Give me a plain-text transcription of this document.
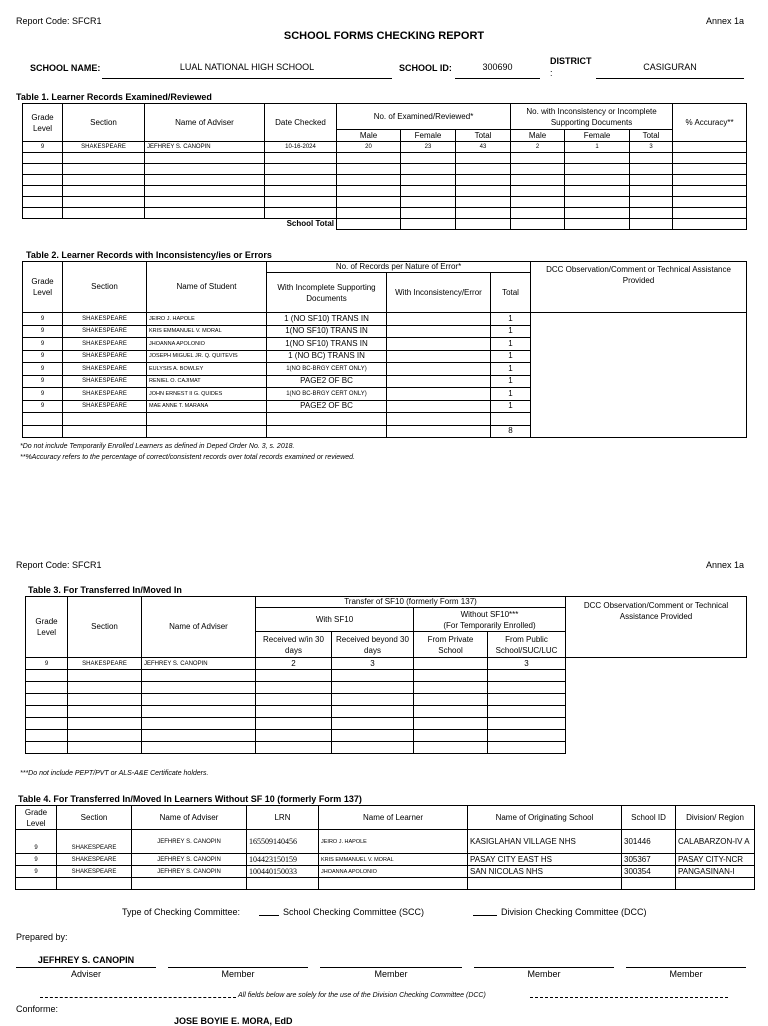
Report Code: SFCR1	Annex 1a
SCHOOL FORMS CHECKING REPORT
SCHOOL NAME:	LUAL NATIONAL HIGH SCHOOL	SCHOOL ID:	300690
DISTRICT
:
CASIGURAN
Table 1. Learner Records Examined/Reviewed
Grade Level	Section	Name of Adviser	Date Checked	No. of Examined/Reviewed*			No. with Inconsistency or Incomplete Supporting Documents			% Accuracy**
				Male	Female	Total	Male	Female	Total	
9	SHAKESPEARE	JEFHREY S. CANOPIN	10-16-2024	20	23	43	2	1	3	

		School Total								
Table 2. Learner Records with Inconsistency/ies or Errors
Grade Level	Section	Name of Student	No. of Records per Nature of Error*			DCC Observation/Comment or Technical Assistance Provided
			With Incomplete Supporting Documents	With Inconsistency/Error	Total	
9	SHAKESPEARE	JEIRO J. HAPOLE	1 (NO SF10) TRANS IN		1	
9	SHAKESPEARE	KRIS EMMANUEL V. MORAL	1(NO SF10) TRANS IN		1	
9	SHAKESPEARE	JHOANNA APOLONIO	1(NO SF10) TRANS IN		1	
9	SHAKESPEARE	JOSEPH MIGUEL JR. Q. QUITEVIS	1 (NO BC) TRANS IN		1	
9	SHAKESPEARE	EULYSIS A. BOWLEY	1(NO BC-BRGY CERT ONLY)		1	
9	SHAKESPEARE	RENIEL O. CAJIMAT	PAGE2 OF BC		1	
9	SHAKESPEARE	JOHN ERNEST II G. QUIDES	1(NO BC-BRGY CERT ONLY)		1	
9	SHAKESPEARE	MAE ANNE T. MARANA	PAGE2 OF BC		1	

					8	
*Do not include Temporarily Enrolled Learners as defined in Deped Order No. 3, s. 2018.
**%Accuracy refers to the percentage of correct/consistent records over total records examined or reviewed.
Report Code: SFCR1	Annex 1a
Table 3. For Transferred In/Moved In
Grade Level	Section	Name of Adviser	Transfer of SF10 (formerly Form 137)				DCC Observation/Comment or Technical Assistance Provided
			With SF10		Without SF10***
(For Temporarily Enrolled)		

			Received w/in 30 days	Received beyond 30 days	From Private School	From Public School/SUC/LUC	
9	SHAKESPEARE	JEFHREY S. CANOPIN	2	3		3	

***Do not include PEPT/PVT or ALS-A&E Certificate holders.
Table 4. For Transferred In/Moved In Learners Without SF 10 (formerly Form 137)
Grade Level	Section	Name of Adviser	LRN	Name of Learner	Name of Originating School	School ID	Division/ Region
9	SHAKESPEARE	JEFHREY S. CANOPIN	165509140456	JEIRO J. HAPOLE	KASIGLAHAN VILLAGE NHS	301446	CALABARZON-IV A
9	SHAKESPEARE	JEFHREY S. CANOPIN	104423150159	KRIS EMMANUEL V. MORAL	PASAY CITY EAST HS	305367	PASAY CITY-NCR
9	SHAKESPEARE	JEFHREY S. CANOPIN	100440150033	JHOANNA APOLONIO	SAN NICOLAS NHS	300354	PANGASINAN-I

Type of Checking Committee:	School Checking Committee (SCC)	Division Checking Committee (DCC)
Prepared by:
JEFHREY S. CANOPIN
Adviser	Member	Member	Member	Member
All fields below are solely for the use of the Division Checking Committee (DCC)
Conforme:
JOSE BOYIE E. MORA, EdD
